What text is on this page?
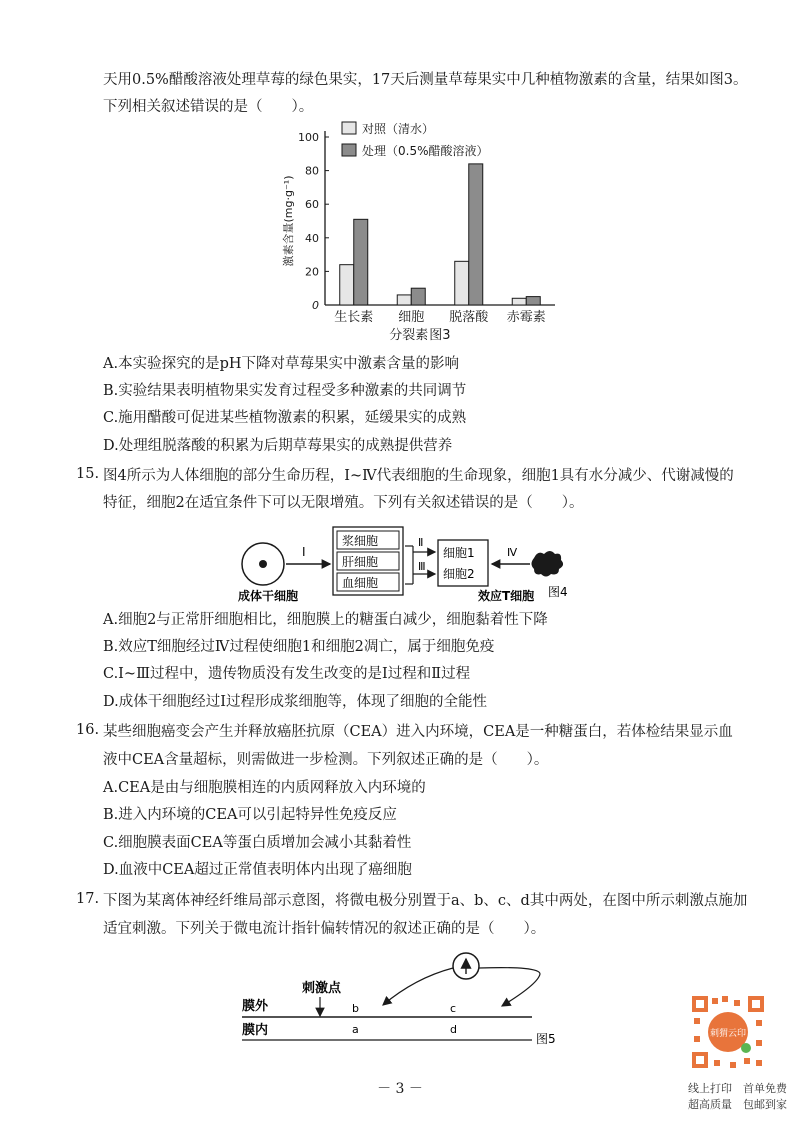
天用0.5%醋酸溶液处理草莓的绿色果实，17天后测量草莓果实中几种植物激素的含量，结果如图3。
下列相关叙述错误的是（　　）。
0
20
40
60
80
100
激素含量(mg·g⁻¹)
生长素 细胞 脱落酸 赤霉素
分裂素 图3
对照（清水）
处理（0.5%醋酸溶液）
A.本实验探究的是pH下降对草莓果实中激素含量的影响
B.实验结果表明植物果实发育过程受多种激素的共同调节
C.施用醋酸可促进某些植物激素的积累，延缓果实的成熟
D.处理组脱落酸的积累为后期草莓果实的成熟提供营养
15. 图4所示为人体细胞的部分生命历程，Ⅰ~Ⅳ代表细胞的生命现象，细胞1具有水分减少、代谢减慢的
特征，细胞2在适宜条件下可以无限增殖。下列有关叙述错误的是（　　）。
成体干细胞
Ⅰ
浆细胞
肝细胞
血细胞
Ⅱ
Ⅲ
细胞1
细胞2
Ⅳ
效应T细胞 图4
A.细胞2与正常肝细胞相比，细胞膜上的糖蛋白减少，细胞黏着性下降
B.效应T细胞经过Ⅳ过程使细胞1和细胞2凋亡，属于细胞免疫
C.Ⅰ~Ⅲ过程中，遗传物质没有发生改变的是Ⅰ过程和Ⅱ过程
D.成体干细胞经过Ⅰ过程形成浆细胞等，体现了细胞的全能性
16. 某些细胞癌变会产生并释放癌胚抗原（CEA）进入内环境，CEA是一种糖蛋白，若体检结果显示血
液中CEA含量超标，则需做进一步检测。下列叙述正确的是（　　）。
A.CEA是由与细胞膜相连的内质网释放入内环境的
B.进入内环境的CEA可以引起特异性免疫反应
C.细胞膜表面CEA等蛋白质增加会减小其黏着性
D.血液中CEA超过正常值表明体内出现了癌细胞
17. 下图为某离体神经纤维局部示意图，将微电极分别置于a、b、c、d其中两处，在图中所示刺激点施加
适宜刺激。下列关于微电流计指针偏转情况的叙述正确的是（　　）。
刺激点
膜外	b	c
膜内	a	d
图5
－ 3 －
刺猬云印
线上打印　首单免费
超高质量　包邮到家
